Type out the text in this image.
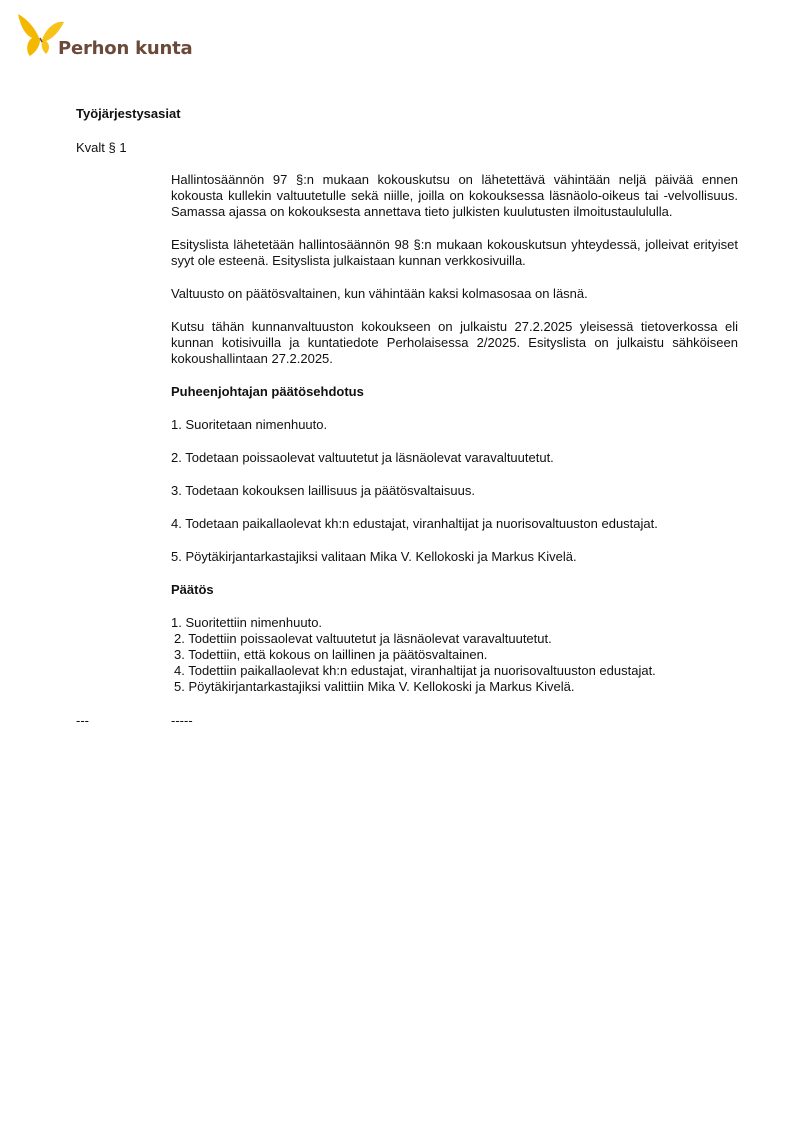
Perhon kunta

Työjärjestysasiat

Kvalt § 1

Hallintosäännön 97 §:n mukaan kokouskutsu on lähetettävä vähintään neljä päivää ennen kokousta kullekin valtuutetulle sekä niille, joilla on kokouksessa läsnäolo-oikeus tai -velvollisuus. Samassa ajassa on kokouksesta annettava tieto julkisten kuulutusten ilmoitustaulululla.

Esityslista lähetetään hallintosäännön 98 §:n mukaan kokouskutsun yhteydessä, jolleivat erityiset syyt ole esteenä. Esityslista julkaistaan kunnan verkkosivuilla.

Valtuusto on päätösvaltainen, kun vähintään kaksi kolmasosaa on läsnä.

Kutsu tähän kunnanvaltuuston kokoukseen on julkaistu 27.2.2025 yleisessä tietoverkossa eli kunnan kotisivuilla ja kuntatiedote Perholaisessa 2/2025. Esityslista on julkaistu sähköiseen kokoushallintaan 27.2.2025.

Puheenjohtajan päätösehdotus
1. Suoritetaan nimenhuuto.
2. Todetaan poissaolevat valtuutetut ja läsnäolevat varavaltuutetut.
3. Todetaan kokouksen laillisuus ja päätösvaltaisuus.
4. Todetaan paikallaolevat kh:n edustajat, viranhaltijat ja nuorisovaltuuston edustajat.
5. Pöytäkirjantarkastajiksi valitaan Mika V. Kellokoski ja Markus Kivelä.
Päätös
1. Suoritettiin nimenhuuto.
2. Todettiin poissaolevat valtuutetut ja läsnäolevat varavaltuutetut.
3. Todettiin, että kokous on laillinen ja päätösvaltainen.
4. Todettiin paikallaolevat kh:n edustajat, viranhaltijat ja nuorisovaltuuston edustajat.
5. Pöytäkirjantarkastajiksi valittiin Mika V. Kellokoski ja Markus Kivelä.
---	-----
